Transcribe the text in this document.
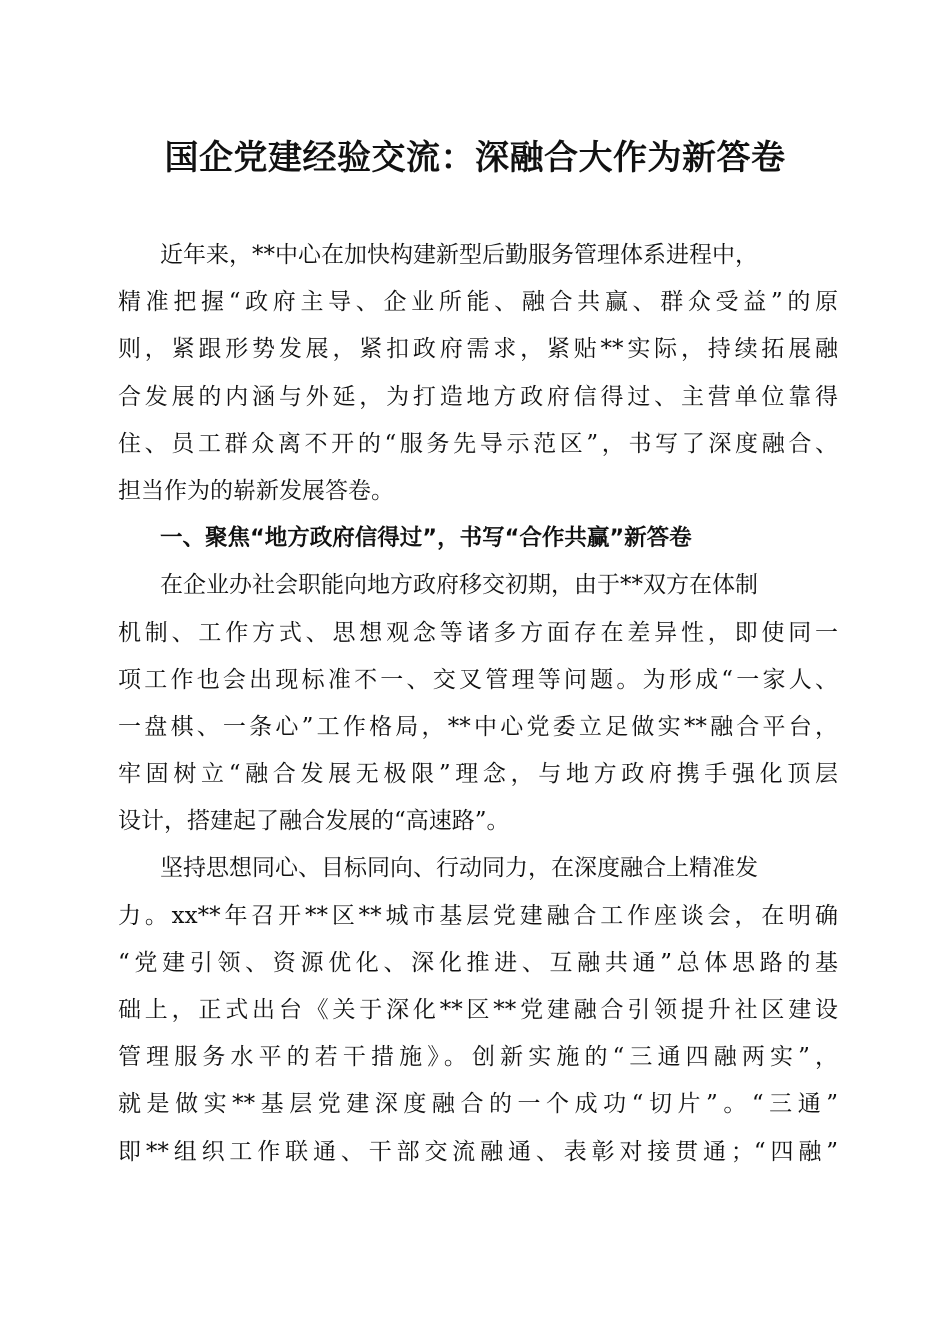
国企党建经验交流：深融合大作为新答卷
近年来，**中心在加快构建新型后勤服务管理体系进程中，
精准把握“政府主导、企业所能、融合共赢、群众受益”的原
则，紧跟形势发展，紧扣政府需求，紧贴**实际，持续拓展融
合发展的内涵与外延，为打造地方政府信得过、主营单位靠得
住、员工群众离不开的“服务先导示范区”，书写了深度融合、
担当作为的崭新发展答卷。
一、聚焦“地方政府信得过”，书写“合作共赢”新答卷
在企业办社会职能向地方政府移交初期，由于**双方在体制
机制、工作方式、思想观念等诸多方面存在差异性，即使同一
项工作也会出现标准不一、交叉管理等问题。为形成“一家人、
一盘棋、一条心”工作格局，**中心党委立足做实**融合平台，
牢固树立“融合发展无极限”理念，与地方政府携手强化顶层
设计，搭建起了融合发展的“高速路”。
坚持思想同心、目标同向、行动同力，在深度融合上精准发
力。xx**年召开**区**城市基层党建融合工作座谈会，在明确
“党建引领、资源优化、深化推进、互融共通”总体思路的基
础上，正式出台《关于深化**区**党建融合引领提升社区建设
管理服务水平的若干措施》。创新实施的“三通四融两实”，
就是做实**基层党建深度融合的一个成功“切片”。“三通”
即**组织工作联通、干部交流融通、表彰对接贯通；“四融”
